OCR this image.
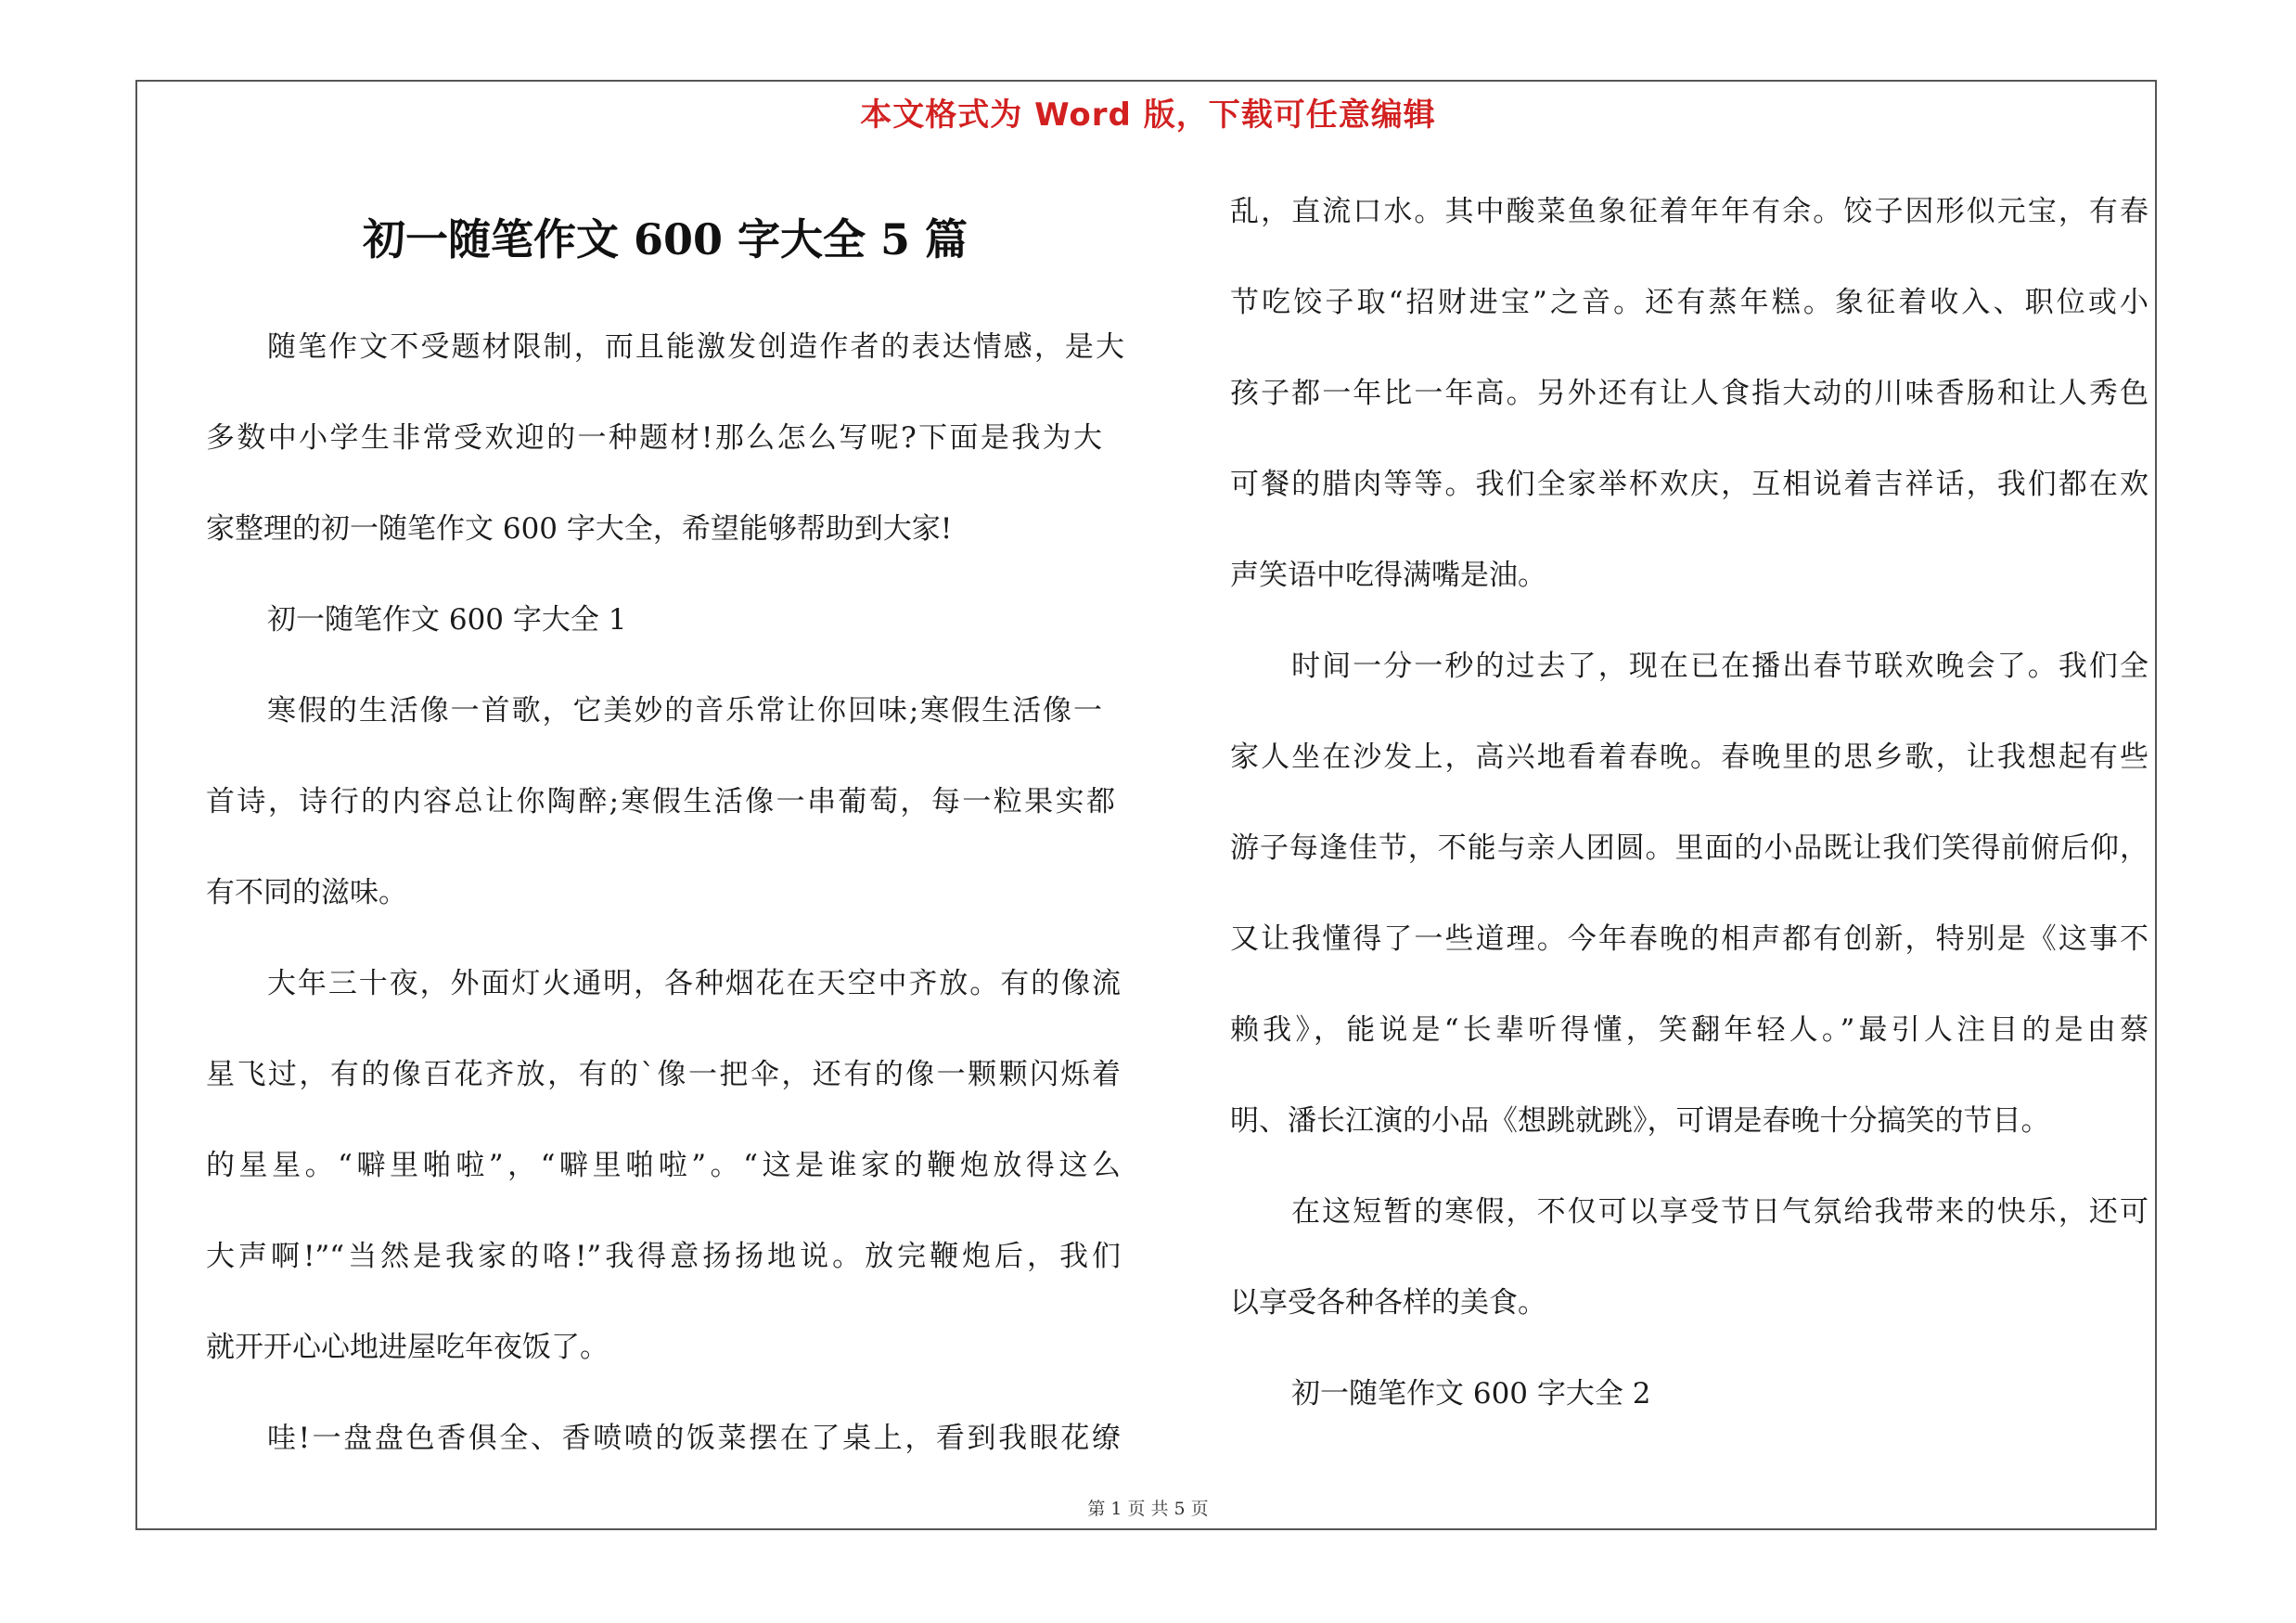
本文格式为 Word 版，下载可任意编辑
初一随笔作文 600 字大全 5 篇
随笔作文不受题材限制，而且能激发创造作者的表达情感，是大
多数中小学生非常受欢迎的一种题材!那么怎么写呢?下面是我为大
家整理的初一随笔作文 600 字大全，希望能够帮助到大家!
初一随笔作文 600 字大全 1
寒假的生活像一首歌，它美妙的音乐常让你回味;寒假生活像一
首诗，诗行的内容总让你陶醉;寒假生活像一串葡萄，每一粒果实都
有不同的滋味。
大年三十夜，外面灯火通明，各种烟花在天空中齐放。有的像流
星飞过，有的像百花齐放，有的`像一把伞，还有的像一颗颗闪烁着
的星星。“噼里啪啦”，“噼里啪啦”。“这是谁家的鞭炮放得这么
大声啊!”“当然是我家的咯!”我得意扬扬地说。放完鞭炮后，我们
就开开心心地进屋吃年夜饭了。
哇!一盘盘色香俱全、香喷喷的饭菜摆在了桌上，看到我眼花缭
乱，直流口水。其中酸菜鱼象征着年年有余。饺子因形似元宝，有春
节吃饺子取“招财进宝”之音。还有蒸年糕。象征着收入、职位或小
孩子都一年比一年高。另外还有让人食指大动的川味香肠和让人秀色
可餐的腊肉等等。我们全家举杯欢庆，互相说着吉祥话，我们都在欢
声笑语中吃得满嘴是油。
时间一分一秒的过去了，现在已在播出春节联欢晚会了。我们全
家人坐在沙发上，高兴地看着春晚。春晚里的思乡歌，让我想起有些
游子每逢佳节，不能与亲人团圆。里面的小品既让我们笑得前俯后仰，
又让我懂得了一些道理。今年春晚的相声都有创新，特别是《这事不
赖我》，能说是“长辈听得懂，笑翻年轻人。”最引人注目的是由蔡
明、潘长江演的小品《想跳就跳》，可谓是春晚十分搞笑的节目。
在这短暂的寒假，不仅可以享受节日气氛给我带来的快乐，还可
以享受各种各样的美食。
初一随笔作文 600 字大全 2
第 1 页 共 5 页
